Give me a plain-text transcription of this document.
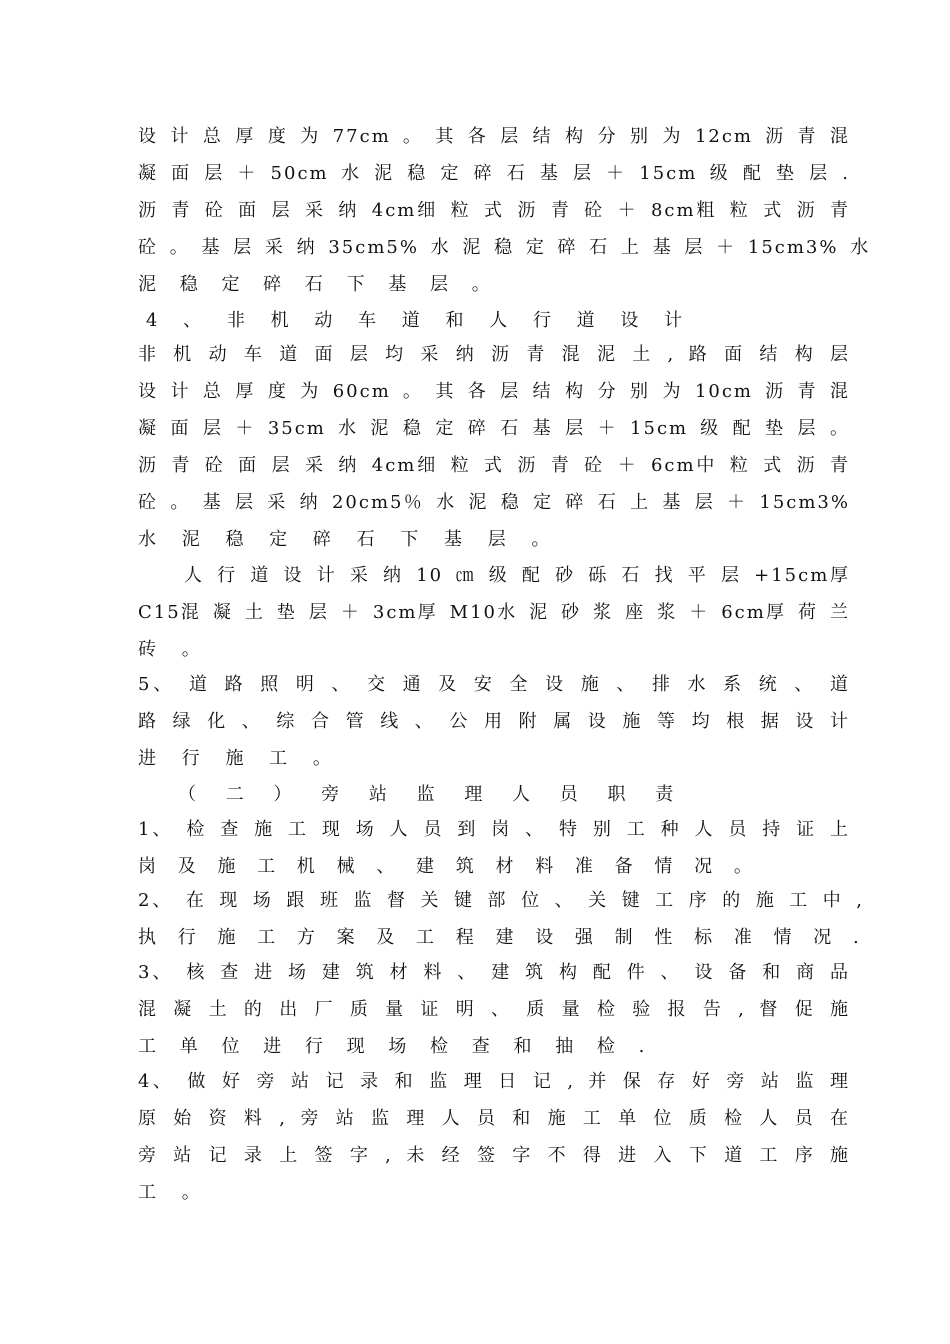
设 计 总 厚 度 为 77cm 。 其 各 层 结 构 分 别 为 12cm 沥 青 混
凝 面 层 ＋ 50cm 水 泥 稳 定 碎 石 基 层 ＋ 15cm 级 配 垫 层 .
沥 青 砼 面 层 采 纳 4cm细 粒 式 沥 青 砼 ＋ 8cm粗 粒 式 沥 青
砼 。 基 层 采 纳 35cm5% 水 泥 稳 定 碎 石 上 基 层 ＋ 15cm3% 水
泥 稳 定 碎 石 下 基 层 。
4 、 非 机 动 车 道 和 人 行 道 设 计
非 机 动 车 道 面 层 均 采 纳 沥 青 混 泥 土 , 路 面 结 构 层
设 计 总 厚 度 为 60cm 。 其 各 层 结 构 分 别 为 10cm 沥 青 混
凝 面 层 ＋ 35cm 水 泥 稳 定 碎 石 基 层 ＋ 15cm 级 配 垫 层 。
沥 青 砼 面 层 采 纳 4cm细 粒 式 沥 青 砼 ＋ 6cm中 粒 式 沥 青
砼 。 基 层 采 纳 20cm5％ 水 泥 稳 定 碎 石 上 基 层 ＋ 15cm3%
水 泥 稳 定 碎 石 下 基 层 。
人 行 道 设 计 采 纳 10 ㎝ 级 配 砂 砾 石 找 平 层 +15cm厚
C15混 凝 土 垫 层 ＋ 3cm厚 M10水 泥 砂 浆 座 浆 ＋ 6cm厚 荷 兰
砖 。
5、 道 路 照 明 、 交 通 及 安 全 设 施 、 排 水 系 统 、 道
路 绿 化 、 综 合 管 线 、 公 用 附 属 设 施 等 均 根 据 设 计
进 行 施 工 。
（ 二 ） 旁 站 监 理 人 员 职 责
1、 检 查 施 工 现 场 人 员 到 岗 、 特 别 工 种 人 员 持 证 上
岗 及 施 工 机 械 、 建 筑 材 料 准 备 情 况 。
2、 在 现 场 跟 班 监 督 关 键 部 位 、 关 键 工 序 的 施 工 中 ,
执 行 施 工 方 案 及 工 程 建 设 强 制 性 标 准 情 况 .
3、 核 查 进 场 建 筑 材 料 、 建 筑 构 配 件 、 设 备 和 商 品
混 凝 土 的 出 厂 质 量 证 明 、 质 量 检 验 报 告 , 督 促 施
工 单 位 进 行 现 场 检 查 和 抽 检 .
4、 做 好 旁 站 记 录 和 监 理 日 记 , 并 保 存 好 旁 站 监 理
原 始 资 料 , 旁 站 监 理 人 员 和 施 工 单 位 质 检 人 员 在
旁 站 记 录 上 签 字 , 未 经 签 字 不 得 进 入 下 道 工 序 施
工 。
